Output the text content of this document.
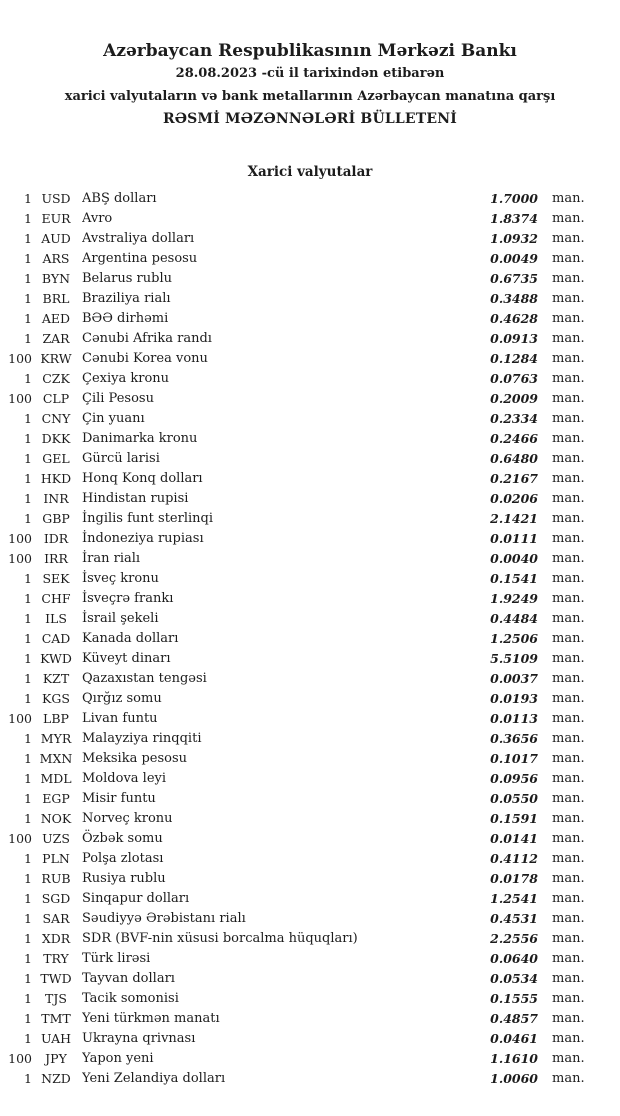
Azərbaycan Respublikasının Mərkəzi Bankı
28.08.2023 -cü il tarixindən etibarən
xarici valyutaların və bank metallarının Azərbaycan manatına qarşı
RƏSMİ MƏZƏNNƏLƏRİ BÜLLETENİ
Xarici valyutalar
1 USD ABŞ dolları	1.7000 man.
1 EUR Avro	1.8374 man.
1 AUD Avstraliya dolları	1.0932 man.
1 ARS Argentina pesosu	0.0049 man.
1 BYN Belarus rublu	0.6735 man.
1 BRL Braziliya rialı	0.3488 man.
1 AED BƏƏ dirhəmi	0.4628 man.
1 ZAR Cənubi Afrika randı	0.0913 man.
100 KRW Cənubi Korea vonu	0.1284 man.
1 CZK Çexiya kronu	0.0763 man.
100 CLP Çili Pesosu	0.2009 man.
1 CNY Çin yuanı	0.2334 man.
1 DKK Danimarka kronu	0.2466 man.
1 GEL Gürcü larisi	0.6480 man.
1 HKD Honq Konq dolları	0.2167 man.
1 INR	Hindistan rupisi	0.0206 man.
1 GBP İngilis funt sterlinqi	2.1421 man.
100 IDR	İndoneziya rupiası	0.0111 man.
100 IRR	İran rialı	0.0040 man.
1 SEK İsveç kronu	0.1541 man.
1 CHF İsveçrə frankı	1.9249 man.
1	ILS	İsrail şekeli	0.4484 man.
1 CAD Kanada dolları	1.2506 man.
1 KWD Küveyt dinarı	5.5109 man.
1 KZT Qazaxıstan tengəsi	0.0037 man.
1 KGS Qırğız somu	0.0193 man.
100 LBP	Livan funtu	0.0113 man.
1 MYR Malayziya rinqqiti	0.3656 man.
1 MXN Meksika pesosu	0.1017 man.
1 MDL Moldova leyi	0.0956 man.
1 EGP Misir funtu	0.0550 man.
1 NOK Norveç kronu	0.1591 man.
100 UZS Özbək somu	0.0141 man.
1 PLN Polşa zlotası	0.4112 man.
1 RUB Rusiya rublu	0.0178 man.
1 SGD Sinqapur dolları	1.2541 man.
1 SAR Səudiyyə Ərəbistanı rialı	0.4531 man.
1 XDR SDR (BVF-nin xüsusi borcalma hüquqları)	2.2556 man.
1 TRY	Türk lirəsi	0.0640 man.
1 TWD Tayvan dolları	0.0534 man.
1	TJS	Tacik somonisi	0.1555 man.
1 TMT Yeni türkmən manatı	0.4857 man.
1 UAH Ukrayna qrivnası	0.0461 man.
100	JPY	Yapon yeni	1.1610 man.
1 NZD Yeni Zelandiya dolları	1.0060 man.
